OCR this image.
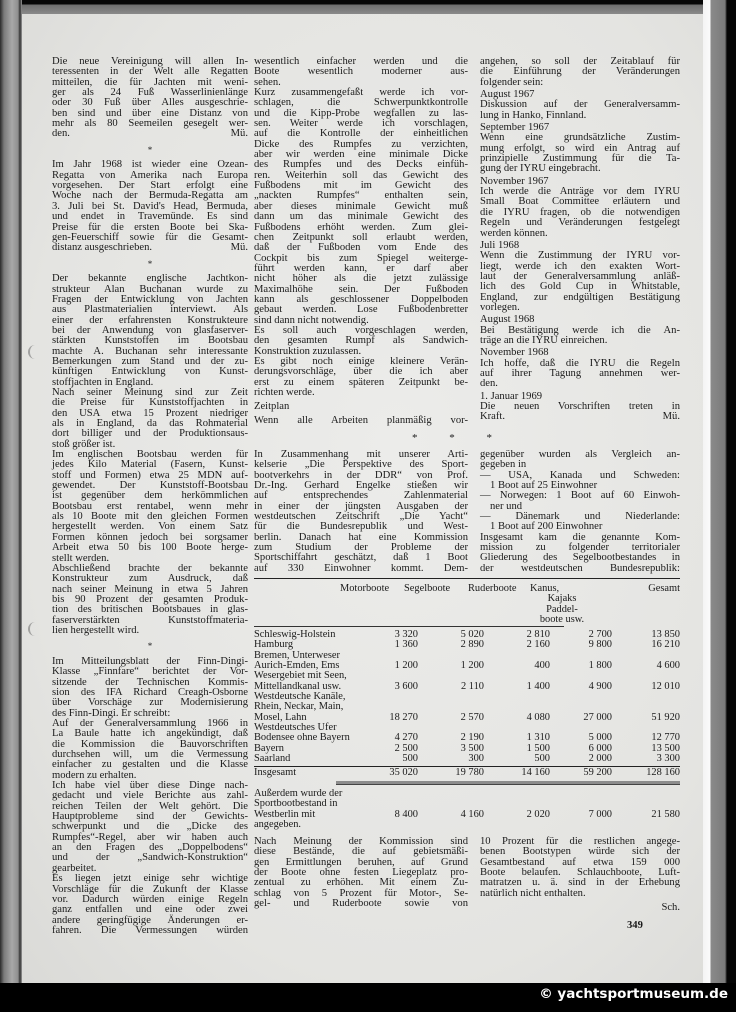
Die neue Vereinigung will allen In-
teressenten in der Welt alle Regatten
mitteilen, die für Jachten mit weni-
ger als 24 Fuß Wasserlinienlänge
oder 30 Fuß über Alles ausgeschrie-
ben sind und über eine Distanz von
mehr als 80 Seemeilen gesegelt wer-
den.	Mü.
*
Im Jahr 1968 ist wieder eine Ozean-
Regatta von Amerika nach Europa
vorgesehen. Der Start erfolgt eine
Woche nach der Bermuda-Regatta am
3. Juli bei St. David's Head, Bermuda,
und endet in Travemünde. Es sind
Preise für die ersten Boote bei Ska-
gen-Feuerschiff sowie für die Gesamt-
distanz ausgeschrieben.	Mü.
*
Der bekannte englische Jachtkon-
strukteur Alan Buchanan wurde zu
Fragen der Entwicklung von Jachten
aus Plastmaterialien interviewt. Als
einer der erfahrensten Konstrukteure
bei der Anwendung von glasfaserver-
stärkten Kunststoffen im Bootsbau
machte A. Buchanan sehr interessante
Bemerkungen zum Stand und der zu-
künftigen Entwicklung von Kunst-
stoffjachten in England.
Nach seiner Meinung sind zur Zeit
die Preise für Kunststoffjachten in
den USA etwa 15 Prozent niedriger
als in England, da das Rohmaterial
dort billiger und der Produktionsaus-
stoß größer ist.
Im englischen Bootsbau werden für
jedes Kilo Material (Fasern, Kunst-
stoff und Formen) etwa 25 MDN auf-
gewendet. Der Kunststoff-Bootsbau
ist gegenüber dem herkömmlichen
Bootsbau erst rentabel, wenn mehr
als 10 Boote mit den gleichen Formen
hergestellt werden. Von einem Satz
Formen können jedoch bei sorgsamer
Arbeit etwa 50 bis 100 Boote herge-
stellt werden.
Abschließend brachte der bekannte
Konstrukteur zum Ausdruck, daß
nach seiner Meinung in etwa 5 Jahren
bis 90 Prozent der gesamten Produk-
tion des britischen Bootsbaues in glas-
faserverstärkten Kunststoffmateria-
lien hergestellt wird.
*
Im Mitteilungsblatt der Finn-Dingi-
Klasse „Finnfare“ berichtet der Vor-
sitzende der Technischen Kommis-
sion des IFA Richard Creagh-Osborne
über Vorschäge zur Modernisierung
des Finn-Dingi. Er schreibt:
Auf der Generalversammlung 1966 in
La Baule hatte ich angekündigt, daß
die Kommission die Bauvorschriften
durchsehen will, um die Vermessung
einfacher zu gestalten und die Klasse
modern zu erhalten.
Ich habe viel über diese Dinge nach-
gedacht und viele Berichte aus zahl-
reichen Teilen der Welt gehört. Die
Hauptprobleme sind der Gewichts-
schwerpunkt und die „Dicke des
Rumpfes“-Regel, aber wir haben auch
an den Fragen des „Doppelbodens“
und der „Sandwich-Konstruktion“
gearbeitet.
Es liegen jetzt einige sehr wichtige
Vorschläge für die Zukunft der Klasse
vor. Dadurch würden einige Regeln
ganz entfallen und eine oder zwei
andere geringfügige Änderungen er-
fahren. Die Vermessungen würden
wesentlich einfacher werden und die
Boote wesentlich moderner aus-
sehen.
Kurz zusammengefaßt werde ich vor-
schlagen, die Schwerpunktkontrolle
und die Kipp-Probe wegfallen zu las-
sen. Weiter werde ich vorschlagen,
auf die Kontrolle der einheitlichen
Dicke des Rumpfes zu verzichten,
aber wir werden eine minimale Dicke
des Rumpfes und des Decks einfüh-
ren. Weiterhin soll das Gewicht des
Fußbodens mit im Gewicht des
„nackten Rumpfes“ enthalten sein,
aber dieses minimale Gewicht muß
dann um das minimale Gewicht des
Fußbodens erhöht werden. Zum glei-
chen Zeitpunkt soll erlaubt werden,
daß der Fußboden vom Ende des
Cockpit bis zum Spiegel weiterge-
führt werden kann, er darf aber
nicht höher als die jetzt zulässige
Maximalhöhe sein. Der Fußboden
kann als geschlossener Doppelboden
gebaut werden. Lose Fußbodenbretter
sind dann nicht notwendig.
Es soll auch vorgeschlagen werden,
den gesamten Rumpf als Sandwich-
Konstruktion zuzulassen.
Es gibt noch einige kleinere Verän-
derungsvorschläge, über die ich aber
erst zu einem späteren Zeitpunkt be-
richten werde.
Zeitplan
Wenn alle Arbeiten planmäßig vor-
angehen, so soll der Zeitablauf für
die Einführung der Veränderungen
folgender sein:
August 1967
Diskussion auf der Generalversamm-
lung in Hanko, Finnland.
September 1967
Wenn eine grundsätzliche Zustim-
mung erfolgt, so wird ein Antrag auf
prinzipielle Zustimmung für die Ta-
gung der IYRU eingebracht.
November 1967
Ich werde die Anträge vor dem IYRU
Small Boat Committee erläutern und
die IYRU fragen, ob die notwendigen
Regeln und Veränderungen festgelegt
werden können.
Juli 1968
Wenn die Zustimmung der IYRU vor-
liegt, werde ich den exakten Wort-
laut der Generalversammlung anläß-
lich des Gold Cup in Whitstable,
England, zur endgültigen Bestätigung
vorlegen.
August 1968
Bei Bestätigung werde ich die An-
träge an die IYRU einreichen.
November 1968
Ich hoffe, daß die IYRU die Regeln
auf ihrer Tagung annehmen wer-
den.
1. Januar 1969
Die neuen Vorschriften treten in
Kraft.	Mü.
*	*	*
In Zusammenhang mit unserer Arti-
kelserie „Die Perspektive des Sport-
bootverkehrs in der DDR“ von Prof.
Dr.-Ing. Gerhard Engelke stießen wir
auf entsprechendes Zahlenmaterial
in einer der jüngsten Ausgaben der
westdeutschen Zeitschrift „Die Yacht“
für die Bundesrepublik und West-
berlin. Danach hat eine Kommission
zum Studium der Probleme der
Sportschiffahrt geschätzt, daß 1 Boot
auf 330 Einwohner kommt. Dem-
gegenüber wurden als Vergleich an-
gegeben in
— USA, Kanada und Schweden:
1 Boot auf 25 Einwohner
— Norwegen: 1 Boot auf 60 Einwoh-
ner und
— Dänemark und Niederlande:
1 Boot auf 200 Einwohner
Insgesamt kam die genannte Kom-
mission zu folgender territorialer
Gliederung des Segelbootbestandes in
der westdeutschen Bundesrepublik:
Motorboote Segelboote Ruderboote Kanus,
Kajaks
Paddel-
boote usw.
Gesamt
Schleswig-Holstein	3 320	5 020	2 810	2 700	13 850
Hamburg	1 360	2 890	2 160	9 800	16 210
Bremen, Unterweser
Aurich-Emden, Ems	1 200	1 200	400	1 800	4 600
Wesergebiet mit Seen,
Mittellandkanal usw.	3 600	2 110	1 400	4 900	12 010
Westdeutsche Kanäle,
Rhein, Neckar, Main,
Mosel, Lahn	18 270	2 570	4 080	27 000	51 920
Westdeutsches Ufer
Bodensee ohne Bayern	4 270	2 190	1 310	5 000	12 770
Bayern	2 500	3 500	1 500	6 000	13 500
Saarland	500	300	500	2 000	3 300
Insgesamt	35 020	19 780	14 160	59 200	128 160
Außerdem wurde der
Sportbootbestand in
Westberlin mit
angegeben.
8 400	4 160	2 020	7 000	21 580
Nach Meinung der Kommission sind
diese Bestände, die auf gebietsmäßi-
gen Ermittlungen beruhen, auf Grund
der Boote ohne festen Liegeplatz pro-
zentual zu erhöhen. Mit einem Zu-
schlag von 5 Prozent für Motor-, Se-
gel- und Ruderboote sowie von
10 Prozent für die restlichen angege-
benen Bootstypen würde sich der
Gesamtbestand auf etwa 159 000
Boote belaufen. Schlauchboote, Luft-
matratzen u. ä. sind in der Erhebung
natürlich nicht enthalten.
Sch.
349
© yachtsportmuseum.de
